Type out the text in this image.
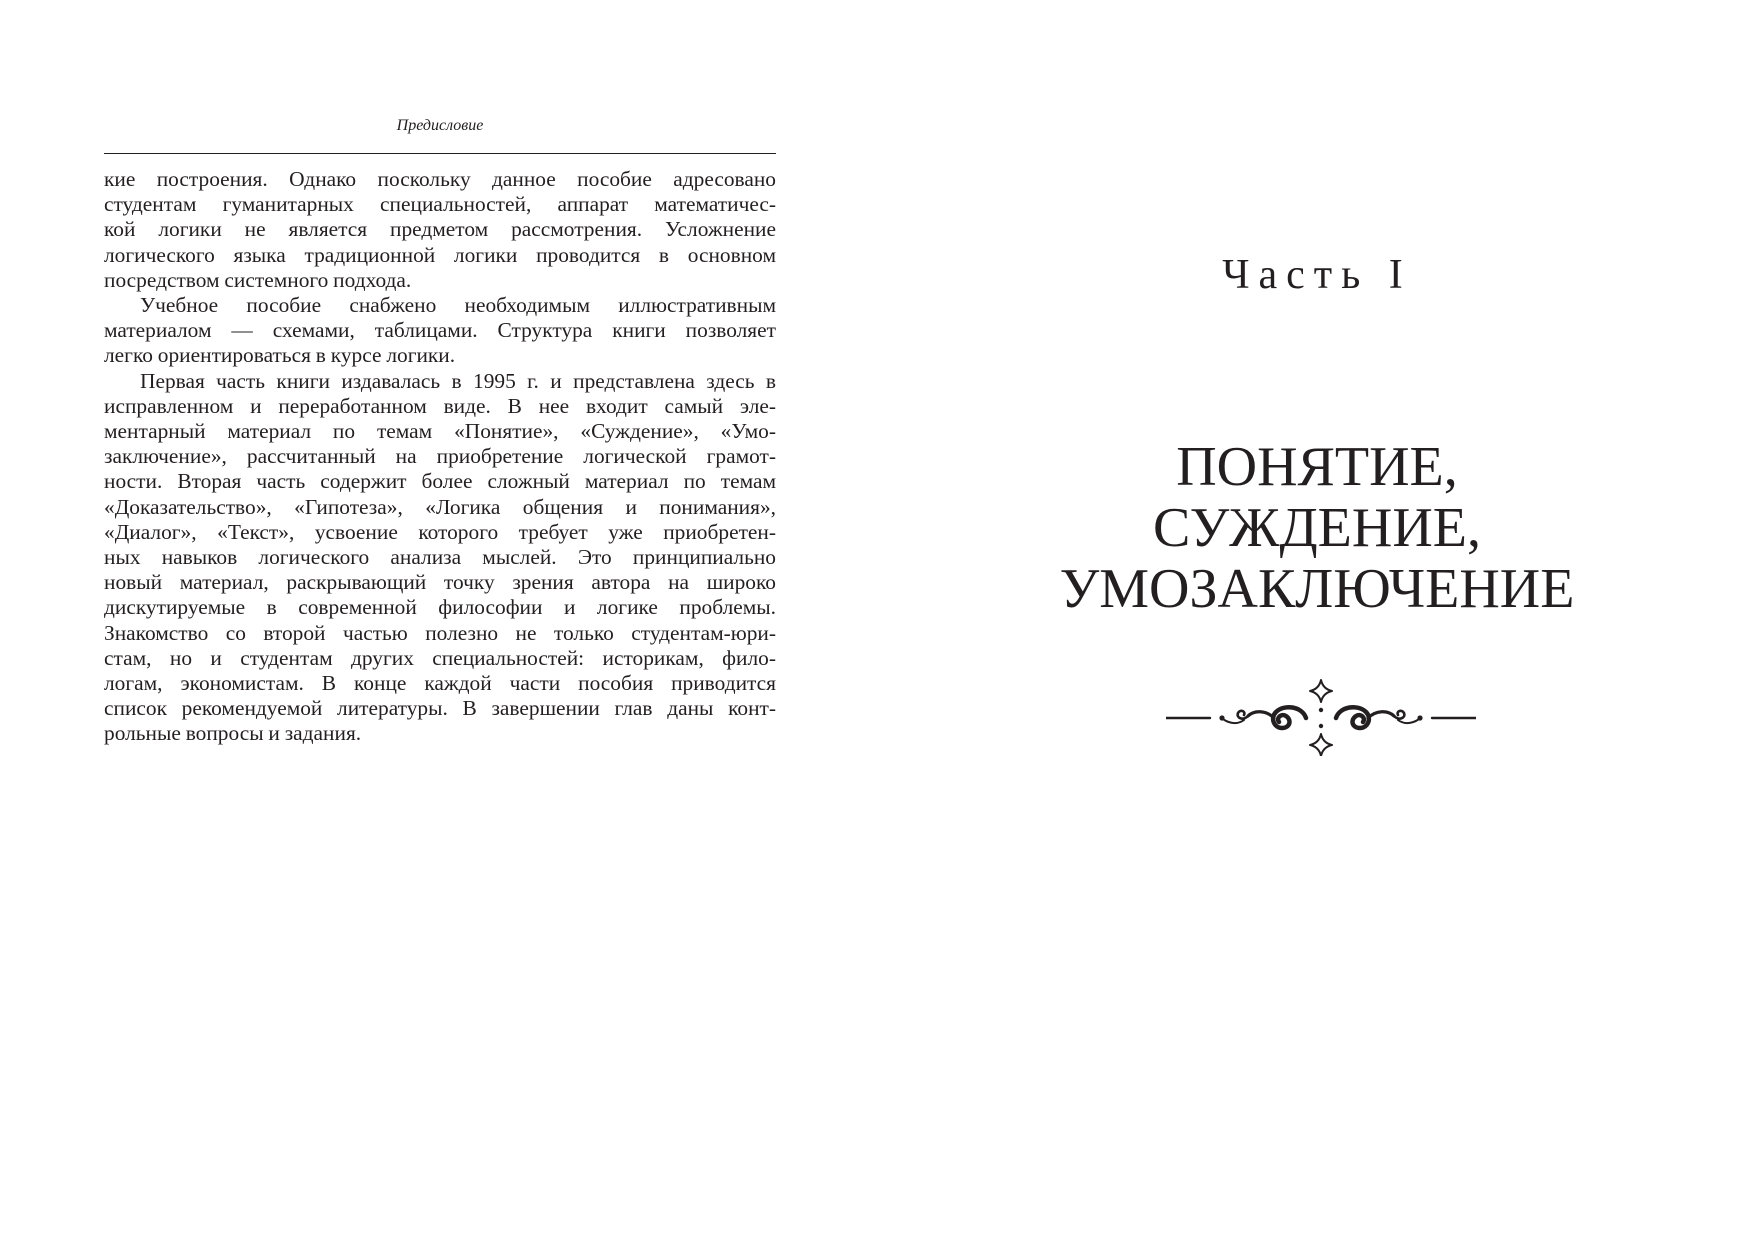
Предисловие

кие построения. Однако поскольку данное пособие адресовано
студентам гуманитарных специальностей, аппарат математичес-
кой логики не является предметом рассмотрения. Усложнение
логического языка традиционной логики проводится в основном
посредством системного подхода.

Учебное пособие снабжено необходимым иллюстративным
материалом — схемами, таблицами. Структура книги позволяет
легко ориентироваться в курсе логики.

Первая часть книги издавалась в 1995 г. и представлена здесь в
исправленном и переработанном виде. В нее входит самый эле-
ментарный материал по темам «Понятие», «Суждение», «Умо-
заключение», рассчитанный на приобретение логической грамот-
ности. Вторая часть содержит более сложный материал по темам
«Доказательство», «Гипотеза», «Логика общения и понимания»,
«Диалог», «Текст», усвоение которого требует уже приобретен-
ных навыков логического анализа мыслей. Это принципиально
новый материал, раскрывающий точку зрения автора на широко
дискутируемые в современной философии и логике проблемы.
Знакомство со второй частью полезно не только студентам-юри-
стам, но и студентам других специальностей: историкам, фило-
логам, экономистам. В конце каждой части пособия приводится
список рекомендуемой литературы. В завершении глав даны конт-
рольные вопросы и задания.

Часть I
ПОНЯТИЕ,
СУЖДЕНИЕ,
УМОЗАКЛЮЧЕНИЕ
